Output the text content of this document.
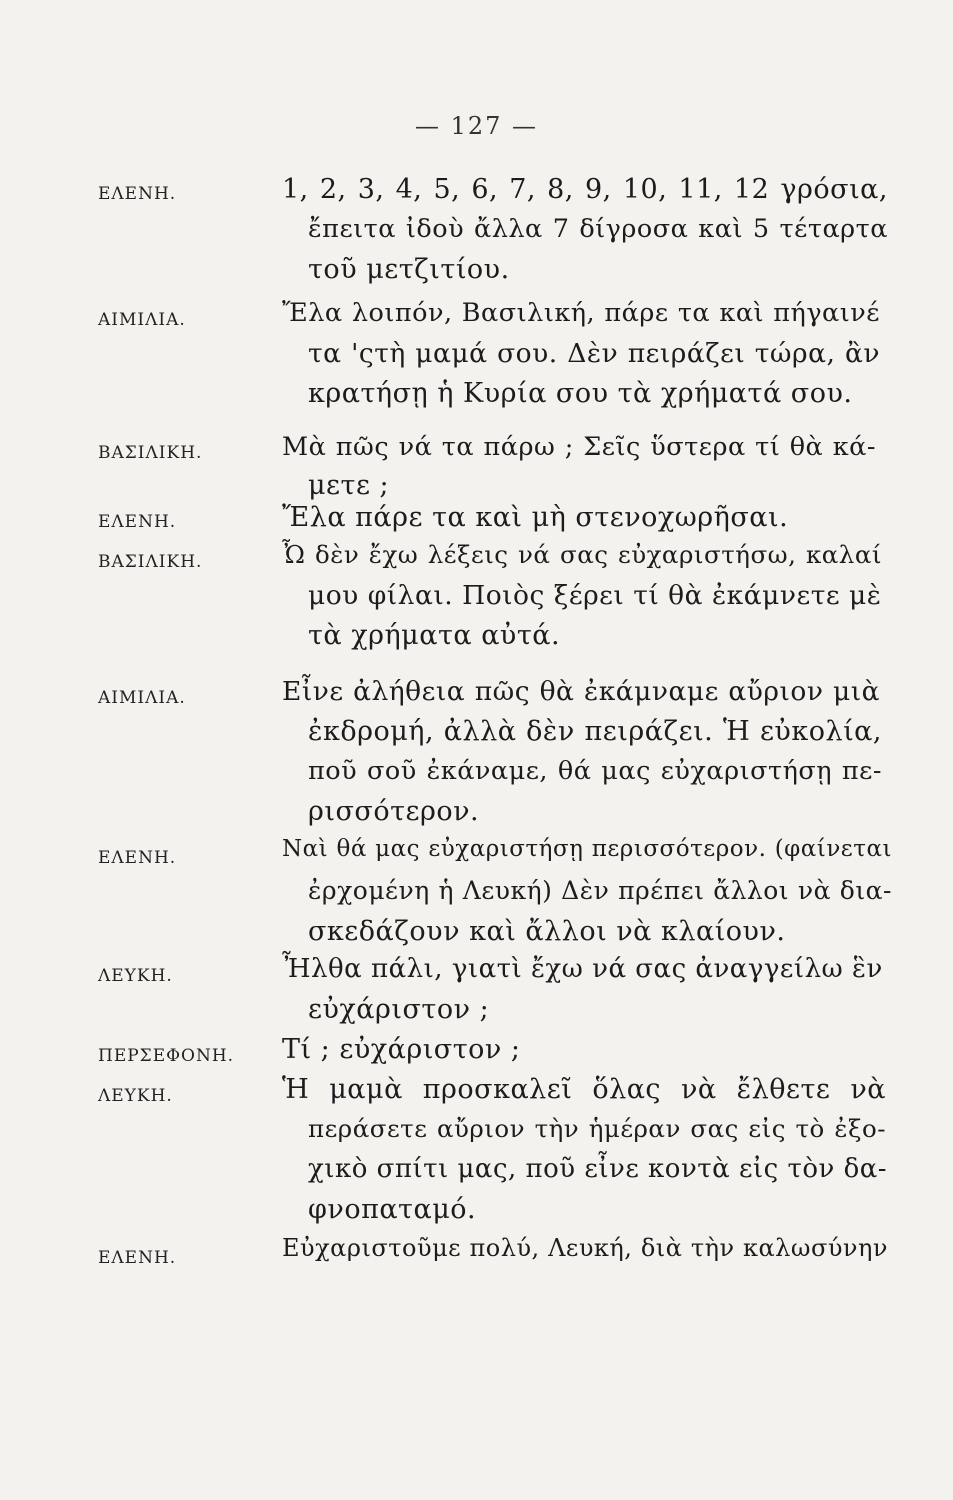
— 127 —
ΕΛΕΝΗ.	1, 2, 3, 4, 5, 6, 7, 8, 9, 10, 11, 12 γρόσια,
ἔπειτα ἰδοὺ ἄλλα 7 δίγροσα καὶ 5 τέταρτα
τοῦ μετζιτίου.
ΑΙΜΙΛΙΑ.	Ἔλα λοιπόν, Βασιλική, πάρε τα καὶ πήγαινέ
τα 'ςτὴ μαμά σου. Δὲν πειράζει τώρα, ἂν
κρατήσῃ ἡ Κυρία σου τὰ χρήματά σου.
ΒΑΣΙΛΙΚΗ.	Μὰ πῶς νά τα πάρω ; Σεῖς ὕστερα τί θὰ κά-
μετε ;
ΕΛΕΝΗ.	Ἔλα πάρε τα καὶ μὴ στενοχωρῆσαι.
ΒΑΣΙΛΙΚΗ.	Ὦ δὲν ἔχω λέξεις νά σας εὐχαριστήσω, καλαί
μου φίλαι. Ποιὸς ξέρει τί θὰ ἐκάμνετε μὲ
τὰ χρήματα αὐτά.
ΑΙΜΙΛΙΑ.	Εἶνε ἀλήθεια πῶς θὰ ἐκάμναμε αὔριον μιὰ
ἐκδρομή, ἀλλὰ δὲν πειράζει. Ἡ εὐκολία,
ποῦ σοῦ ἐκάναμε, θά μας εὐχαριστήσῃ πε-
ρισσότερον.
ΕΛΕΝΗ.	Ναὶ θά μας εὐχαριστήσῃ περισσότερον. (φαίνεται
ἐρχομένη ἡ Λευκή) Δὲν πρέπει ἄλλοι νὰ δια-
σκεδάζουν καὶ ἄλλοι νὰ κλαίουν.
ΛΕΥΚΗ.	Ἦλθα πάλι, γιατὶ ἔχω νά σας ἀναγγείλω ἓν
εὐχάριστον ;
ΠΕΡΣΕΦΟΝΗ. Τί ; εὐχάριστον ;
ΛΕΥΚΗ.	Ἡ μαμὰ προσκαλεῖ ὅλας νὰ ἔλθετε νὰ
περάσετε αὔριον τὴν ἡμέραν σας εἰς τὸ ἐξο-
χικὸ σπίτι μας, ποῦ εἶνε κοντὰ εἰς τὸν δα-
φνοπαταμό.
ΕΛΕΝΗ.	Εὐχαριστοῦμε πολύ, Λευκή, διὰ τὴν καλωσύνην
